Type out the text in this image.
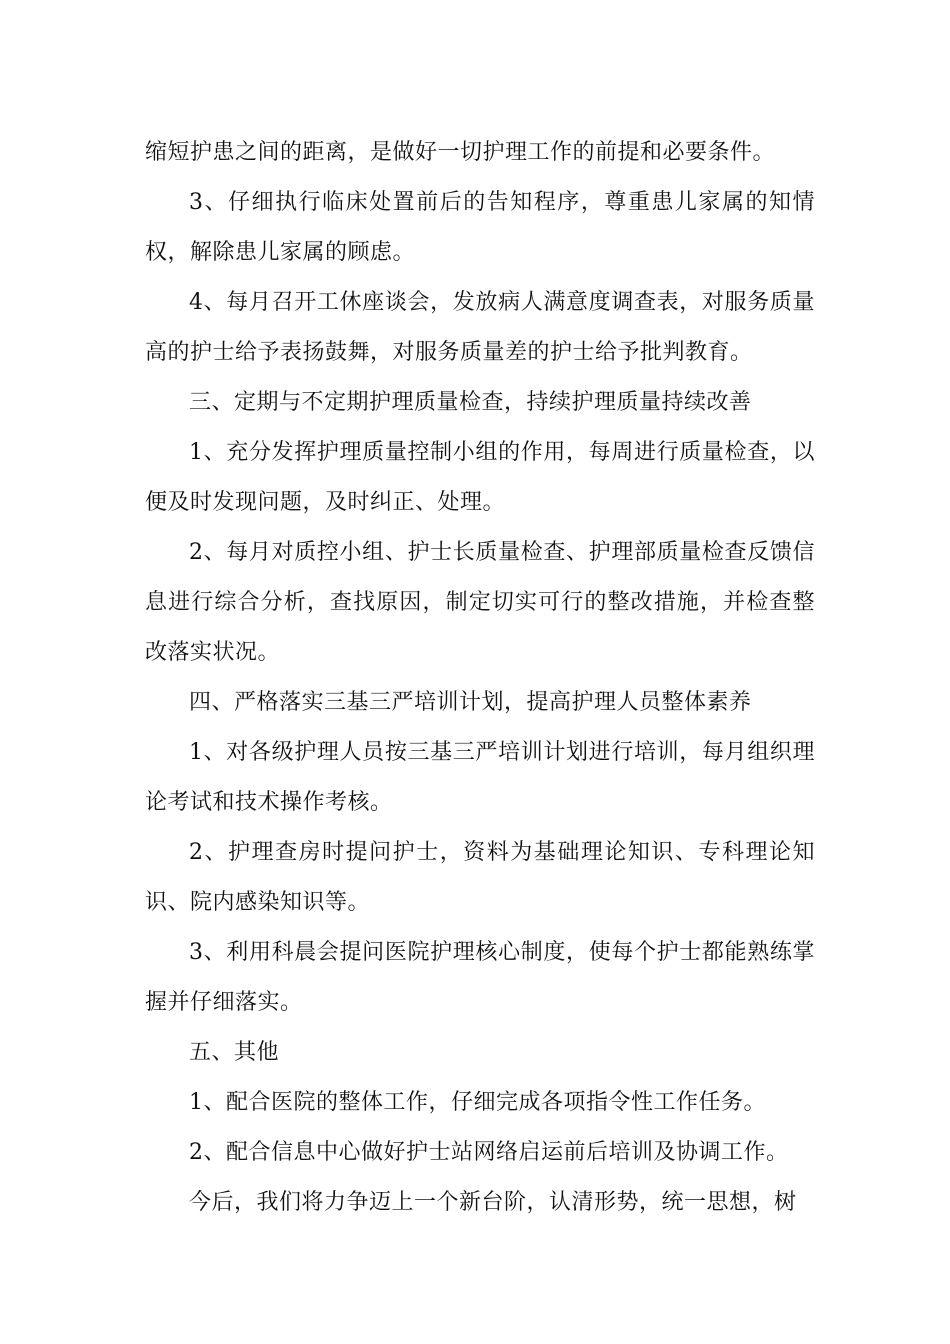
缩短护患之间的距离，是做好一切护理工作的前提和必要条件。

3、仔细执行临床处置前后的告知程序，尊重患儿家属的知情权，解除患儿家属的顾虑。

4、每月召开工休座谈会，发放病人满意度调查表，对服务质量高的护士给予表扬鼓舞，对服务质量差的护士给予批判教育。

三、定期与不定期护理质量检查，持续护理质量持续改善

1、充分发挥护理质量控制小组的作用，每周进行质量检查，以便及时发现问题，及时纠正、处理。

2、每月对质控小组、护士长质量检查、护理部质量检查反馈信息进行综合分析，查找原因，制定切实可行的整改措施，并检查整改落实状况。

四、严格落实三基三严培训计划，提高护理人员整体素养

1、对各级护理人员按三基三严培训计划进行培训，每月组织理论考试和技术操作考核。

2、护理查房时提问护士，资料为基础理论知识、专科理论知识、院内感染知识等。

3、利用科晨会提问医院护理核心制度，使每个护士都能熟练掌握并仔细落实。

五、其他

1、配合医院的整体工作，仔细完成各项指令性工作任务。

2、配合信息中心做好护士站网络启运前后培训及协调工作。

今后，我们将力争迈上一个新台阶，认清形势，统一思想，树
